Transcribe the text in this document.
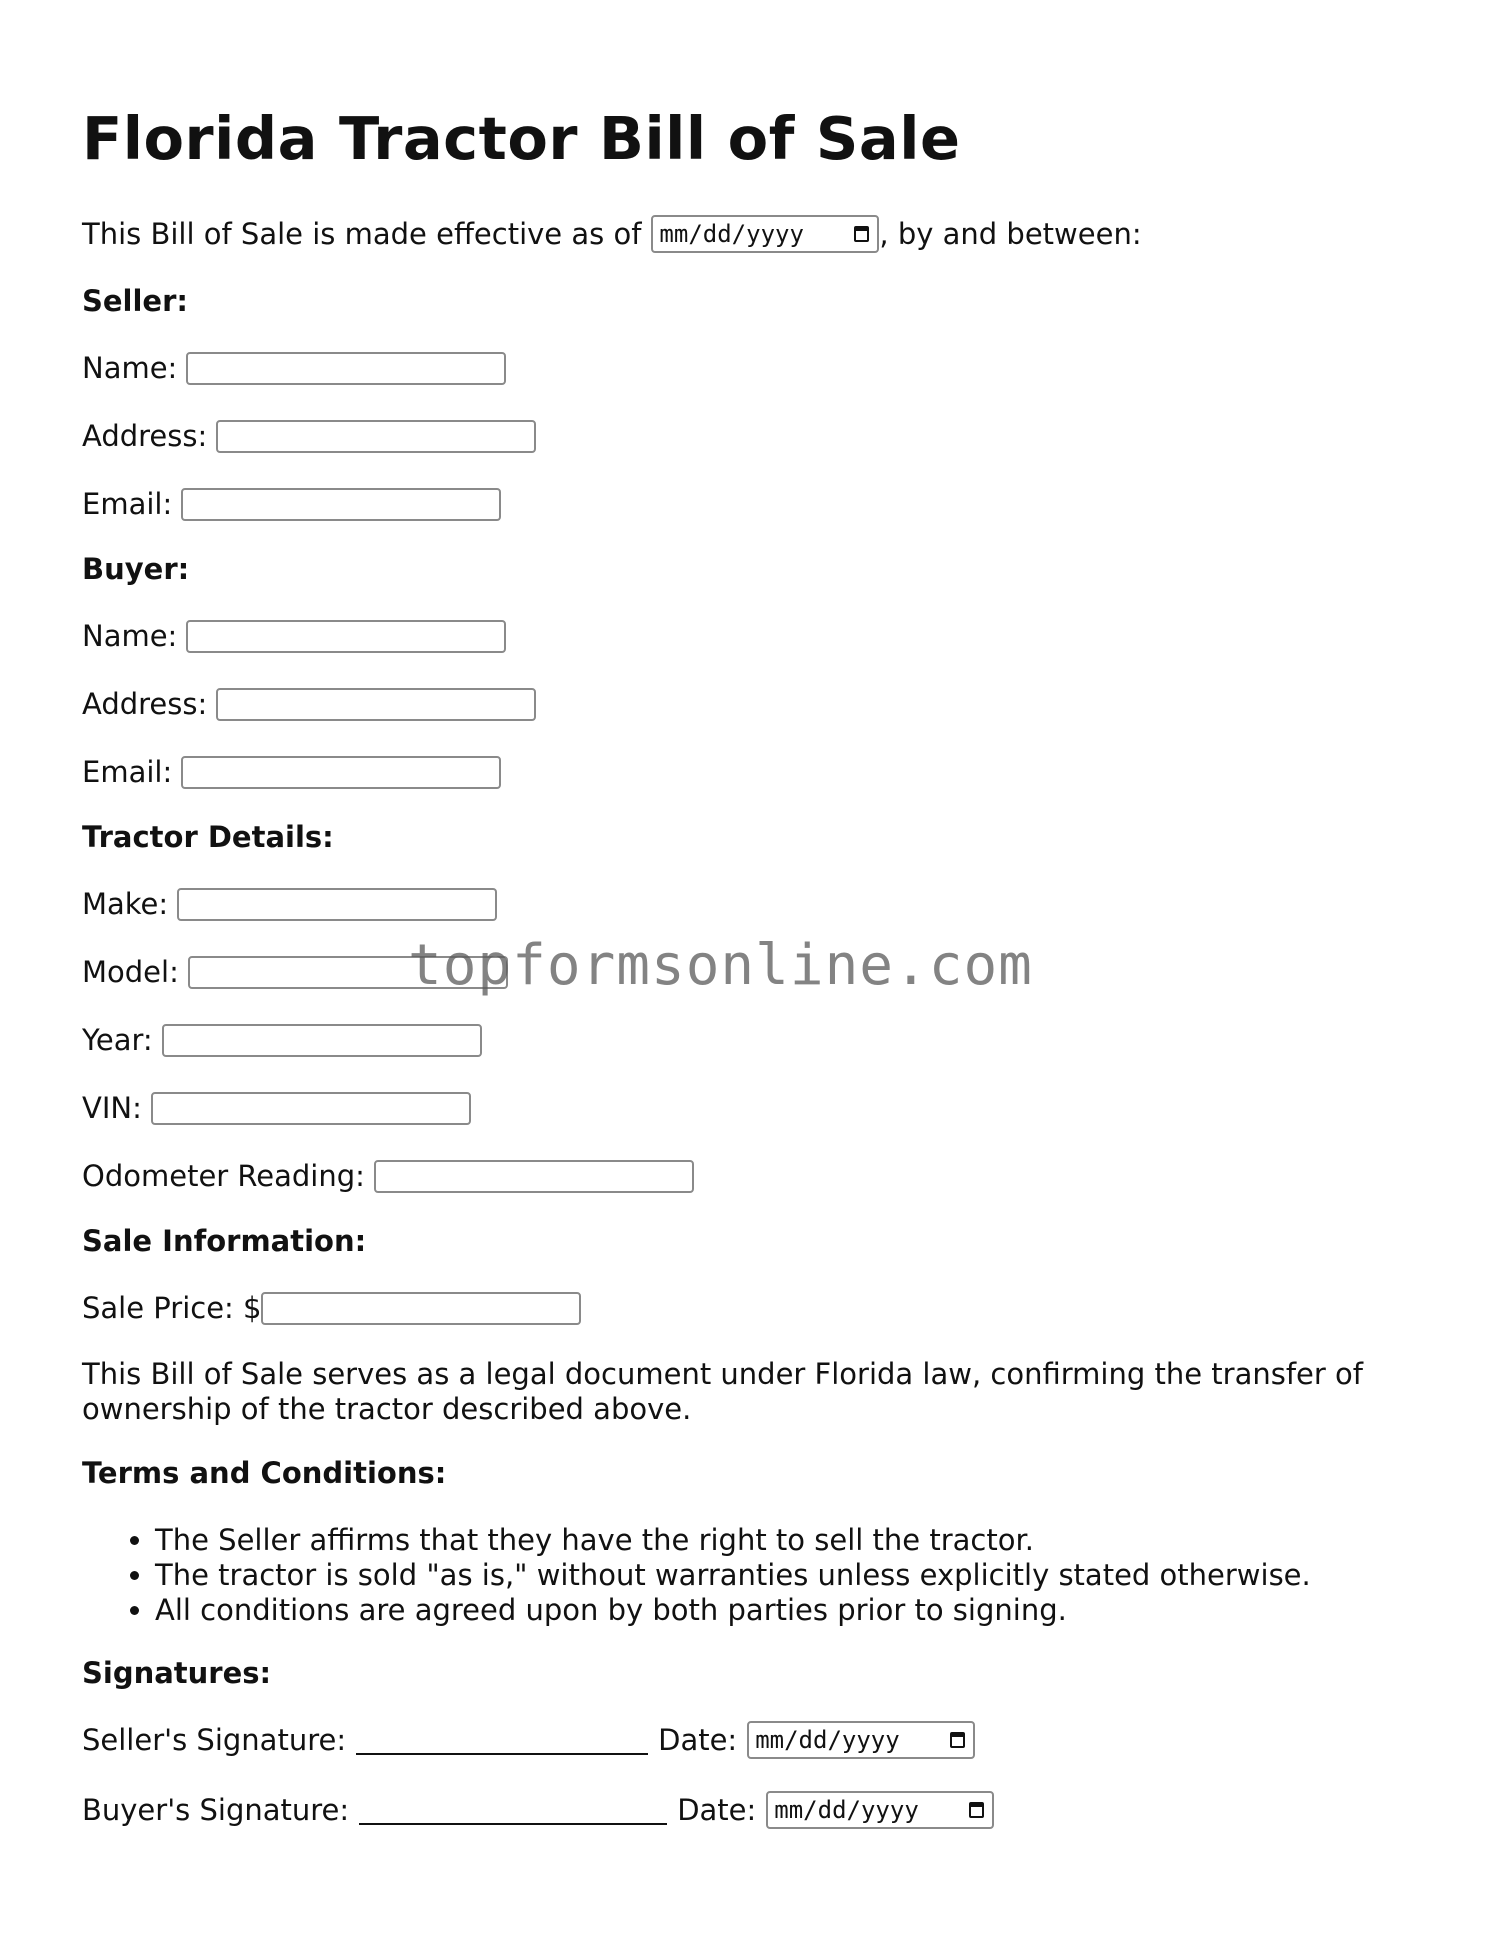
Florida Tractor Bill of Sale
This Bill of Sale is made effective as of mm/dd/yyyy	, by and between:
Seller:
Name:
Address:
Email:
Buyer:
Name:
Address:
Email:
Tractor Details:
Make:
Model:
Year:
VIN:
Odometer Reading:
Sale Information:
Sale Price: $
This Bill of Sale serves as a legal document under Florida law, confirming the transfer of ownership of the tractor described above.
Terms and Conditions:
• The Seller affirms that they have the right to sell the tractor.
• The tractor is sold "as is," without warranties unless explicitly stated otherwise.
• All conditions are agreed upon by both parties prior to signing.
Signatures:
Seller's Signature:	Date: mm/dd/yyyy
Buyer's Signature:	Date: mm/dd/yyyy
topformsonline.com
